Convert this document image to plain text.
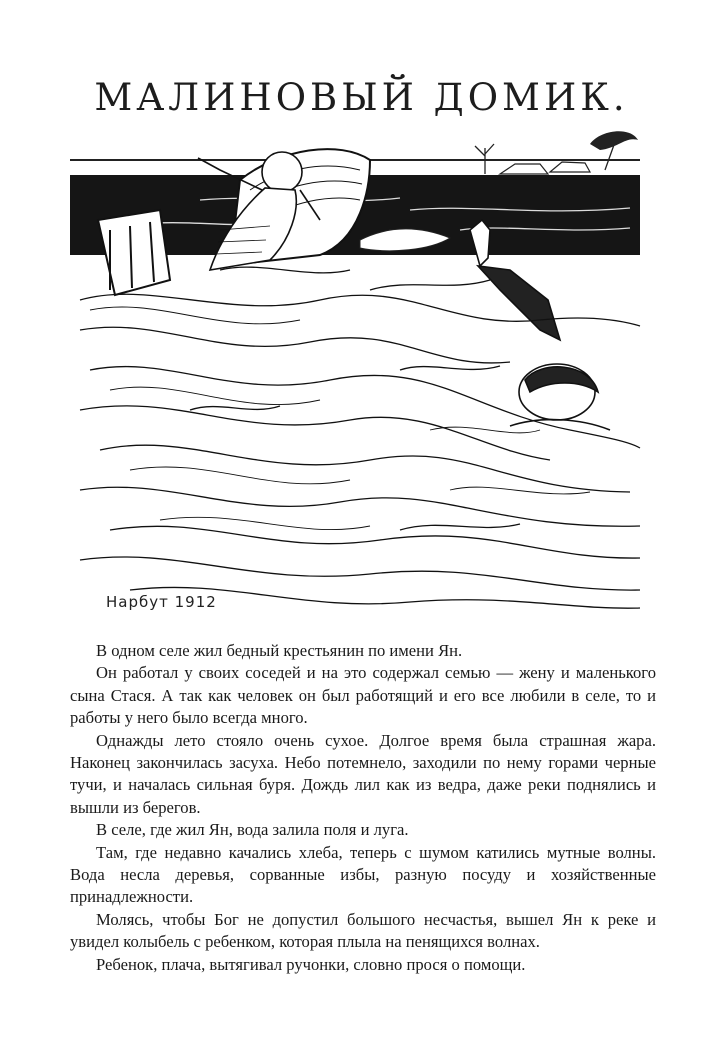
МАЛИНОВЫЙ ДОМИК.
Нарбут 1912

В одном селе жил бедный крестьянин по имени Ян.

Он работал у своих соседей и на это содержал семью — жену и маленького сына Стася. А так как человек он был работящий и его все любили в селе, то и работы у него было всегда много.

Однажды лето стояло очень сухое. Долгое время была страшная жара. Наконец закончилась засуха. Небо потемнело, заходили по нему горами черные тучи, и началась сильная буря. Дождь лил как из ведра, даже реки поднялись и вышли из берегов.

В селе, где жил Ян, вода залила поля и луга.

Там, где недавно качались хлеба, теперь с шумом катились мутные волны. Вода несла деревья, сорванные избы, разную посуду и хозяйственные принадлежности.

Молясь, чтобы Бог не допустил большого несчастья, вышел Ян к реке и увидел колыбель с ребенком, которая плыла на пенящихся волнах.

Ребенок, плача, вытягивал ручонки, словно прося о помощи.
